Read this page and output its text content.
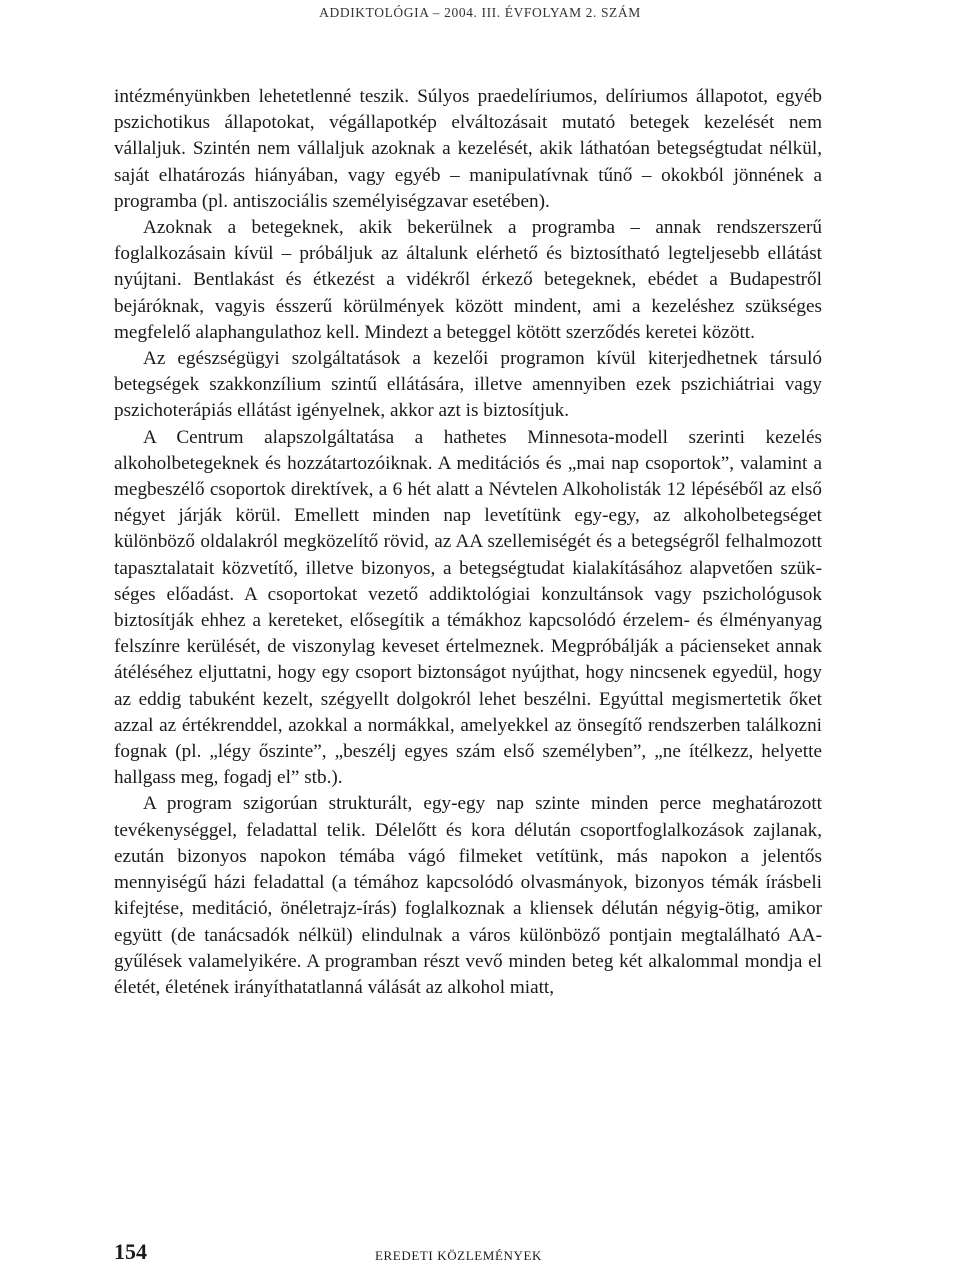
ADDIKTOLÓGIA – 2004. III. ÉVFOLYAM 2. SZÁM

intézményünkben lehetetlenné teszik. Súlyos praedelíriumos, delíriumos állapotot, egyéb pszichotikus állapotokat, végállapotkép elváltozásait mutató betegek kezelését nem vállaljuk. Szintén nem vállaljuk azoknak a kezelését, akik láthatóan betegségtudat nélkül, saját elhatározás hiányában, vagy egyéb – manipulatívnak tűnő – okokból jönnének a programba (pl. antiszociális személyiségzavar esetében).

Azoknak a betegeknek, akik bekerülnek a programba – annak rendszerszerű foglalkozásain kívül – próbáljuk az általunk elérhető és biztosítható legteljesebb ellátást nyújtani. Bentlakást és étkezést a vidékről érkező betegeknek, ebédet a Budapestről bejáróknak, vagyis ésszerű körülmények között mindent, ami a kezeléshez szükséges megfelelő alaphangulathoz kell. Mindezt a beteggel kötött szerződés keretei között.

Az egészségügyi szolgáltatások a kezelői programon kívül kiterjedhetnek társuló betegségek szakkonzílium szintű ellátására, illetve amennyiben ezek pszichiátriai vagy pszichoterápiás ellátást igényelnek, akkor azt is biztosítjuk.

A Centrum alapszolgáltatása a hathetes Minnesota-modell szerinti kezelés alkoholbetegeknek és hozzátartozóiknak. A meditációs és „mai nap csoportok”, valamint a megbeszélő csoportok direktívek, a 6 hét alatt a Névtelen Alkoholisták 12 lépéséből az első négyet járják körül. Emellett minden nap levetítünk egy-egy, az alkoholbetegséget különböző oldalakról megközelítő rövid, az AA szellemiségét és a betegségről felhalmozott tapasztalatait közvetítő, illetve bizonyos, a betegségtudat kialakításához alapvetően szükséges előadást. A csoportokat vezető addiktológiai konzultánsok vagy pszichológusok biztosítják ehhez a kereteket, elősegítik a témákhoz kapcsolódó érzelem- és élményanyag felszínre kerülését, de viszonylag keveset értelmeznek. Megpróbálják a pácienseket annak átéléséhez eljuttatni, hogy egy csoport biztonságot nyújthat, hogy nincsenek egyedül, hogy az eddig tabuként kezelt, szégyellt dolgokról lehet beszélni. Egyúttal megismertetik őket azzal az értékrenddel, azokkal a normákkal, amelyekkel az önsegítő rendszerben találkozni fognak (pl. „légy őszinte”, „beszélj egyes szám első személyben”, „ne ítélkezz, helyette hallgass meg, fogadj el” stb.).

A program szigorúan strukturált, egy-egy nap szinte minden perce meghatározott tevékenységgel, feladattal telik. Délelőtt és kora délután csoportfoglalkozások zajlanak, ezután bizonyos napokon témába vágó filmeket vetítünk, más napokon a jelentős mennyiségű házi feladattal (a témához kapcsolódó olvasmányok, bizonyos témák írásbeli kifejtése, meditáció, önéletrajz-írás) foglalkoznak a kliensek délután négyig-ötig, amikor együtt (de tanácsadók nélkül) elindulnak a város különböző pontjain megtalálható AA-gyűlések valamelyikére. A programban részt vevő minden beteg két alkalommal mondja el életét, életének irányíthatatlanná válását az alkohol miatt,

154	EREDETI KÖZLEMÉNYEK
